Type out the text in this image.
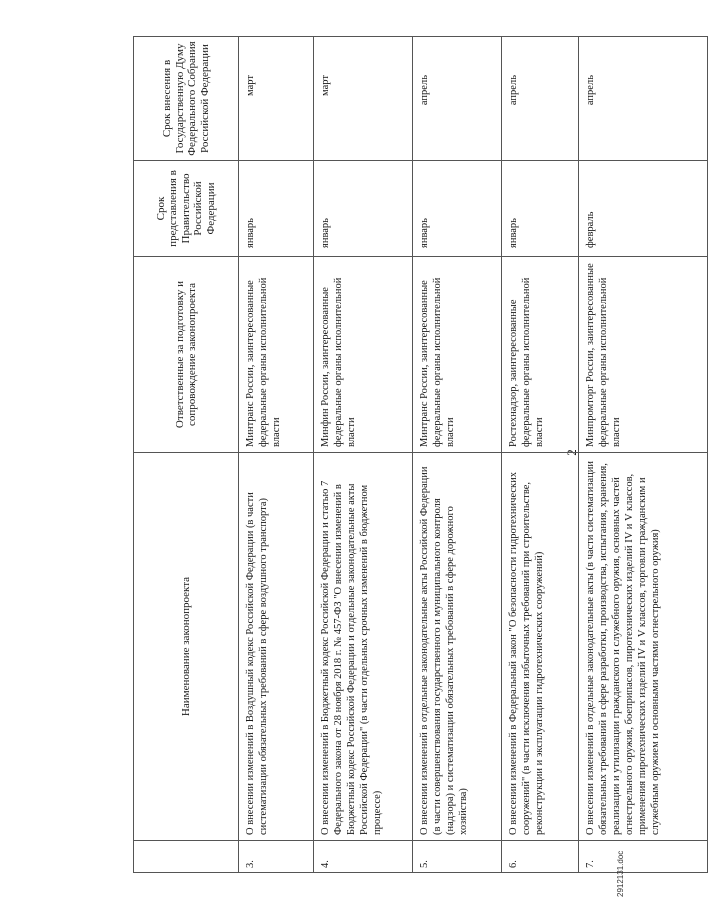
2
	Наименование законопроекта	Ответственные за подготовку и сопровождение законопроекта	Срок представления в Правительство Российской Федерации	Срок внесения в Государственную Думу Федерального Собрания Российской Федерации
3.	О внесении изменений в Воздушный кодекс Российской Федерации (в части систематизации обязательных требований в сфере воздушного транспорта)	Минтранс России, заинтересованные федеральные органы исполнительной власти	январь	март
4.	О внесении изменений в Бюджетный кодекс Российской Федерации и статью 7 Федерального закона от 28 ноября 2018 г. № 457-ФЗ "О внесении изменений в Бюджетный кодекс Российской Федерации и отдельные законодательные акты Российской Федерации" (в части отдельных срочных изменений в бюджетном процессе)	Минфин России, заинтересованные федеральные органы исполнительной власти	январь	март
5.	О внесении изменений в отдельные законодательные акты Российской Федерации (в части совершенствования государственного и муниципального контроля (надзора) и систематизации обязательных требований в сфере дорожного хозяйства)	Минтранс России, заинтересованные федеральные органы исполнительной власти	январь	апрель
6.	О внесении изменений в Федеральный закон "О безопасности гидротехнических сооружений" (в части исключения избыточных требований при строительстве, реконструкции и эксплуатации гидротехнических сооружений)	Ростехнадзор, заинтересованные федеральные органы исполнительной власти	январь	апрель
7.	О внесении изменений в отдельные законодательные акты (в части систематизации обязательных требований в сфере разработки, производства, испытания, хранения, реализации и утилизации гражданского и служебного оружия, основных частей огнестрельного оружия, боеприпасов, пиротехнических изделий IV и V классов, применения пиротехнических изделий IV и V классов, торговли гражданским и служебным оружием и основными частями огнестрельного оружия)	Минпромторг России, заинтересованные федеральные органы исполнительной власти	февраль	апрель
2912131.doc
